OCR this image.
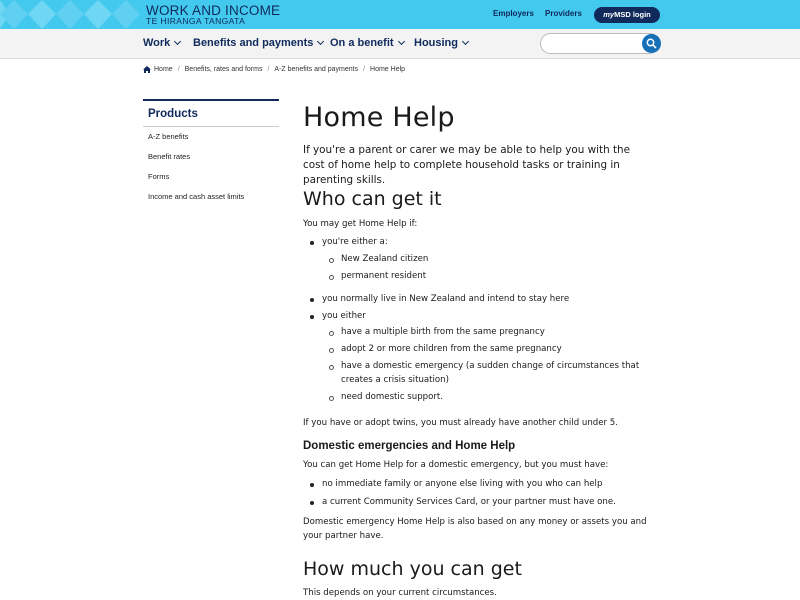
WORK AND INCOME
TE HIRANGA TANGATA
Employers Providers	myMSD login
Work Benefits and payments On a benefit Housing
Home / Benefits, rates and forms / A-Z benefits and payments / Home Help
Products
A-Z benefits
Benefit rates
Forms
Income and cash asset limits
Home Help
If you're a parent or carer we may be able to help you with the cost of home help to complete household tasks or training in parenting skills.
Who can get it
You may get Home Help if:
you're either a:
New Zealand citizen
permanent resident
you normally live in New Zealand and intend to stay here
you either
have a multiple birth from the same pregnancy
adopt 2 or more children from the same pregnancy
have a domestic emergency (a sudden change of circumstances that creates a crisis situation)
need domestic support.
If you have or adopt twins, you must already have another child under 5.
Domestic emergencies and Home Help
You can get Home Help for a domestic emergency, but you must have:
no immediate family or anyone else living with you who can help
a current Community Services Card, or your partner must have one.
Domestic emergency Home Help is also based on any money or assets you and your partner have.
How much you can get
This depends on your current circumstances.
